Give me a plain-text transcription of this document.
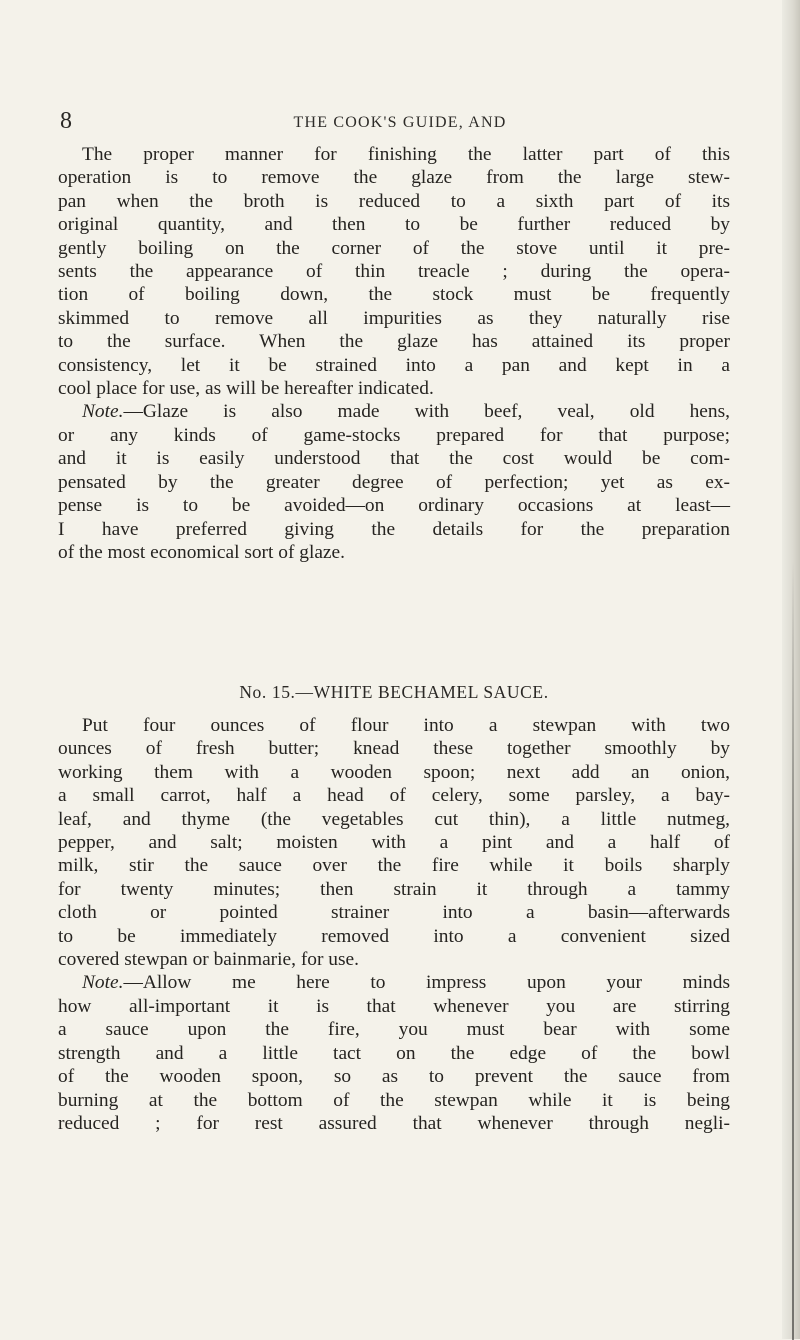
8	THE COOK'S GUIDE, AND
The proper manner for finishing the latter part of this
operation is to remove the glaze from the large stew-
pan when the broth is reduced to a sixth part of its
original quantity, and then to be further reduced by
gently boiling on the corner of the stove until it pre-
sents the appearance of thin treacle ; during the opera-
tion of boiling down, the stock must be frequently
skimmed to remove all impurities as they naturally rise
to the surface. When the glaze has attained its proper
consistency, let it be strained into a pan and kept in a
cool place for use, as will be hereafter indicated.
Note.—Glaze is also made with beef, veal, old hens,
or any kinds of game-stocks prepared for that purpose;
and it is easily understood that the cost would be com-
pensated by the greater degree of perfection; yet as ex-
pense is to be avoided—on ordinary occasions at least—
I have preferred giving the details for the preparation
of the most economical sort of glaze.
No. 15.—WHITE BECHAMEL SAUCE.
Put four ounces of flour into a stewpan with two
ounces of fresh butter; knead these together smoothly by
working them with a wooden spoon; next add an onion,
a small carrot, half a head of celery, some parsley, a bay-
leaf, and thyme (the vegetables cut thin), a little nutmeg,
pepper, and salt; moisten with a pint and a half of
milk, stir the sauce over the fire while it boils sharply
for twenty minutes; then strain it through a tammy
cloth or pointed strainer into a basin—afterwards
to be immediately removed into a convenient sized
covered stewpan or bainmarie, for use.
Note.—Allow me here to impress upon your minds
how all-important it is that whenever you are stirring
a sauce upon the fire, you must bear with some
strength and a little tact on the edge of the bowl
of the wooden spoon, so as to prevent the sauce from
burning at the bottom of the stewpan while it is being
reduced ; for rest assured that whenever through negli-
